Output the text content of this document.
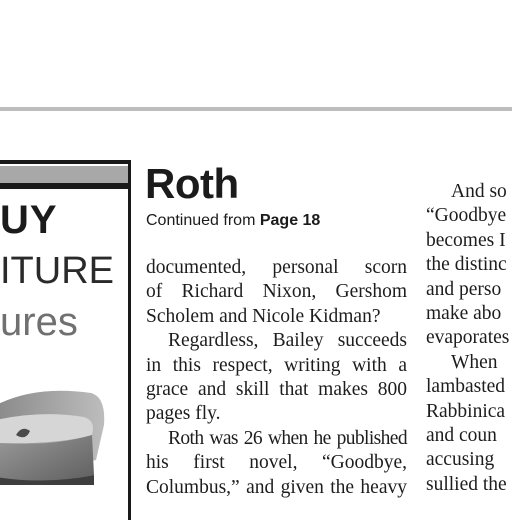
UY
ITURE
ures
Roth
Continued from Page 18

documented, personal scorn
of Richard Nixon, Gershom
Scholem and Nicole Kidman?

Regardless, Bailey succeeds
in this respect, writing with a
grace and skill that makes 800
pages fly.

Roth was 26 when he published
his first novel, “Goodbye,
Columbus,” and given the heavy

And so
“Goodbye
becomes I
the distinc
and perso
make abo
evaporates

When
lambasted
Rabbinica
and coun
accusing
sullied the
